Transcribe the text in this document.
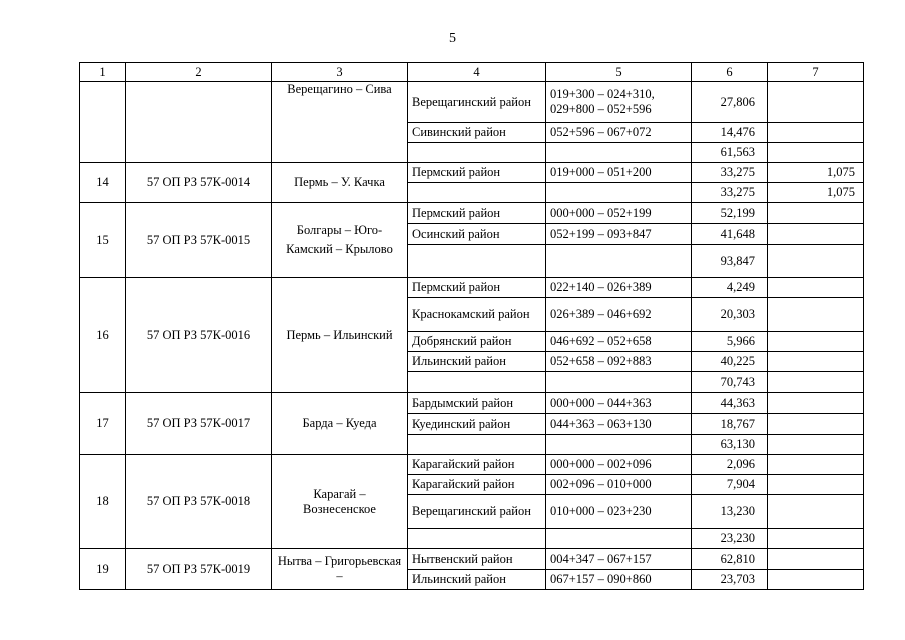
5
1	2	3	4	5	6	7
		Верещагино – Сива	Верещагинский район	019+300 – 024+310, 029+800 – 052+596	27,806	
			Сивинский район	052+596 – 067+072	14,476	
					61,563	
14	57 ОП РЗ 57К-0014	Пермь – У. Качка	Пермский район	019+000 – 051+200	33,275	1,075
					33,275	1,075
15	57 ОП РЗ 57К-0015	Болгары – Юго-Камский – Крылово	Пермский район	000+000 – 052+199	52,199	
			Осинский район	052+199 – 093+847	41,648	
					93,847	
16	57 ОП РЗ 57К-0016	Пермь – Ильинский	Пермский район	022+140 – 026+389	4,249	
			Краснокамский район	026+389 – 046+692	20,303	
			Добрянский район	046+692 – 052+658	5,966	
			Ильинский район	052+658 – 092+883	40,225	
					70,743	
17	57 ОП РЗ 57К-0017	Барда – Куеда	Бардымский район	000+000 – 044+363	44,363	
			Куединский район	044+363 – 063+130	18,767	
					63,130	
18	57 ОП РЗ 57К-0018	Карагай – Вознесенское	Карагайский район	000+000 – 002+096	2,096	
			Карагайский район	002+096 – 010+000	7,904	
			Верещагинский район	010+000 – 023+230	13,230	
					23,230	
19	57 ОП РЗ 57К-0019	Нытва – Григорьевская –	Нытвенский район	004+347 – 067+157	62,810	
			Ильинский район	067+157 – 090+860	23,703	
